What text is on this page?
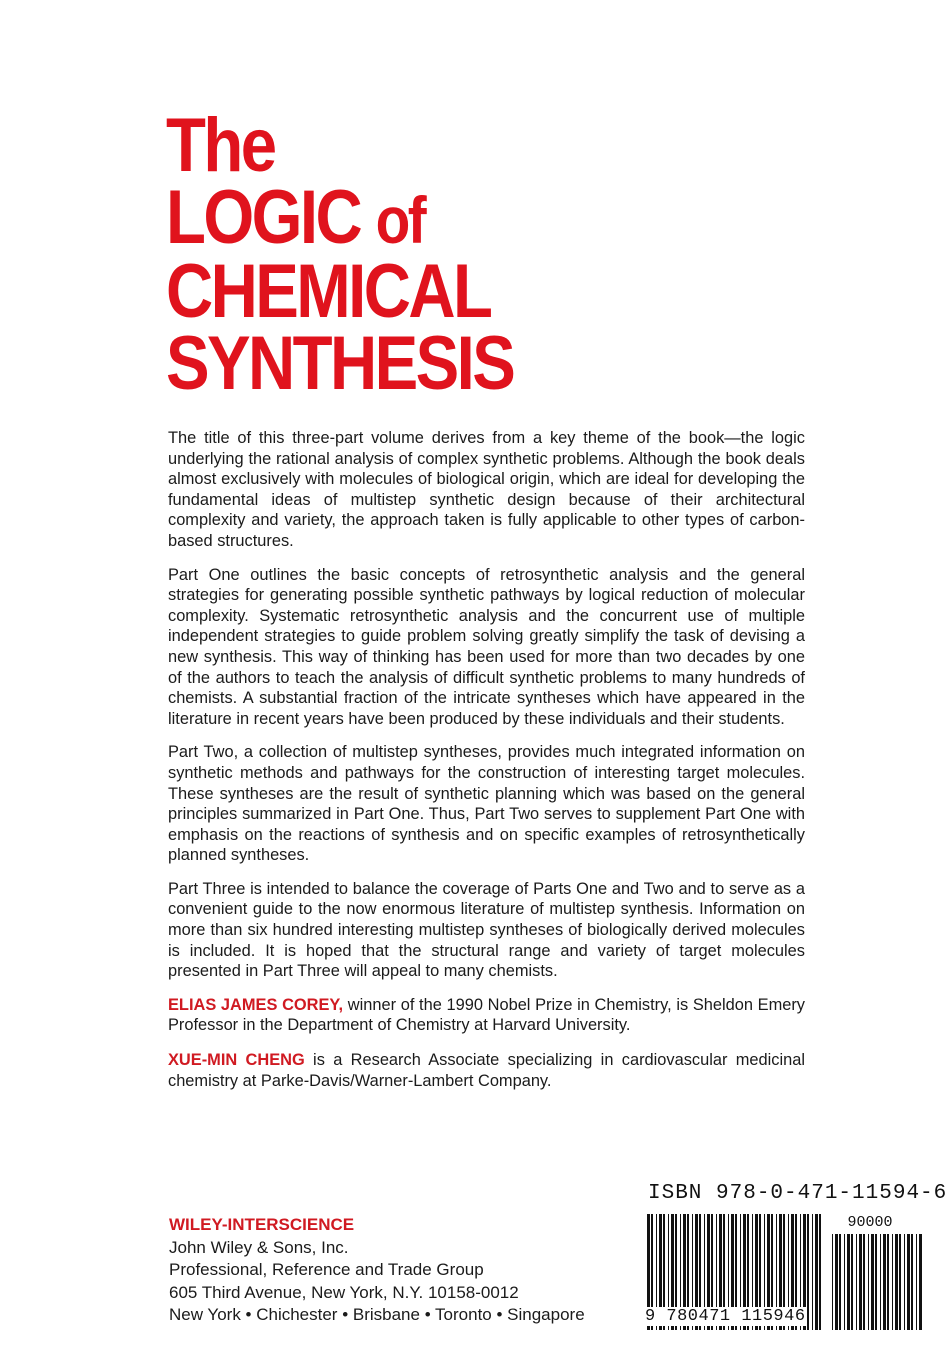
The
LOGIC of
CHEMICAL
SYNTHESIS

The title of this three-part volume derives from a key theme of the book—the logic underlying the rational analysis of complex synthetic problems. Although the book deals almost exclusively with molecules of biological origin, which are ideal for developing the fundamental ideas of multistep synthetic design because of their architectural complexity and variety, the approach taken is fully applicable to other types of carbon-based structures.

Part One outlines the basic concepts of retrosynthetic analysis and the general strategies for generating possible synthetic pathways by logical reduction of molecular complexity. Systematic retrosynthetic analysis and the concurrent use of multiple independent strategies to guide problem solving greatly simplify the task of devising a new synthesis. This way of thinking has been used for more than two decades by one of the authors to teach the analysis of difficult synthetic problems to many hundreds of chemists. A substantial fraction of the intricate syntheses which have appeared in the literature in recent years have been produced by these individuals and their students.

Part Two, a collection of multistep syntheses, provides much integrated information on synthetic methods and pathways for the construction of interesting target molecules. These syntheses are the result of synthetic planning which was based on the general principles summarized in Part One. Thus, Part Two serves to supplement Part One with emphasis on the reactions of synthesis and on specific examples of retrosynthetically planned syntheses.

Part Three is intended to balance the coverage of Parts One and Two and to serve as a convenient guide to the now enormous literature of multistep synthesis. Information on more than six hundred interesting multistep syntheses of biologically derived molecules is included. It is hoped that the structural range and variety of target molecules presented in Part Three will appeal to many chemists.

ELIAS JAMES COREY, winner of the 1990 Nobel Prize in Chemistry, is Sheldon Emery Professor in the Department of Chemistry at Harvard University.

XUE-MIN CHENG is a Research Associate specializing in cardiovascular medicinal chemistry at Parke-Davis/Warner-Lambert Company.

ISBN 978-0-471-11594-6
WILEY-INTERSCIENCE
John Wiley & Sons, Inc.
Professional, Reference and Trade Group
605 Third Avenue, New York, N.Y. 10158-0012
New York • Chichester • Brisbane • Toronto • Singapore	9 780471 115946
90000
